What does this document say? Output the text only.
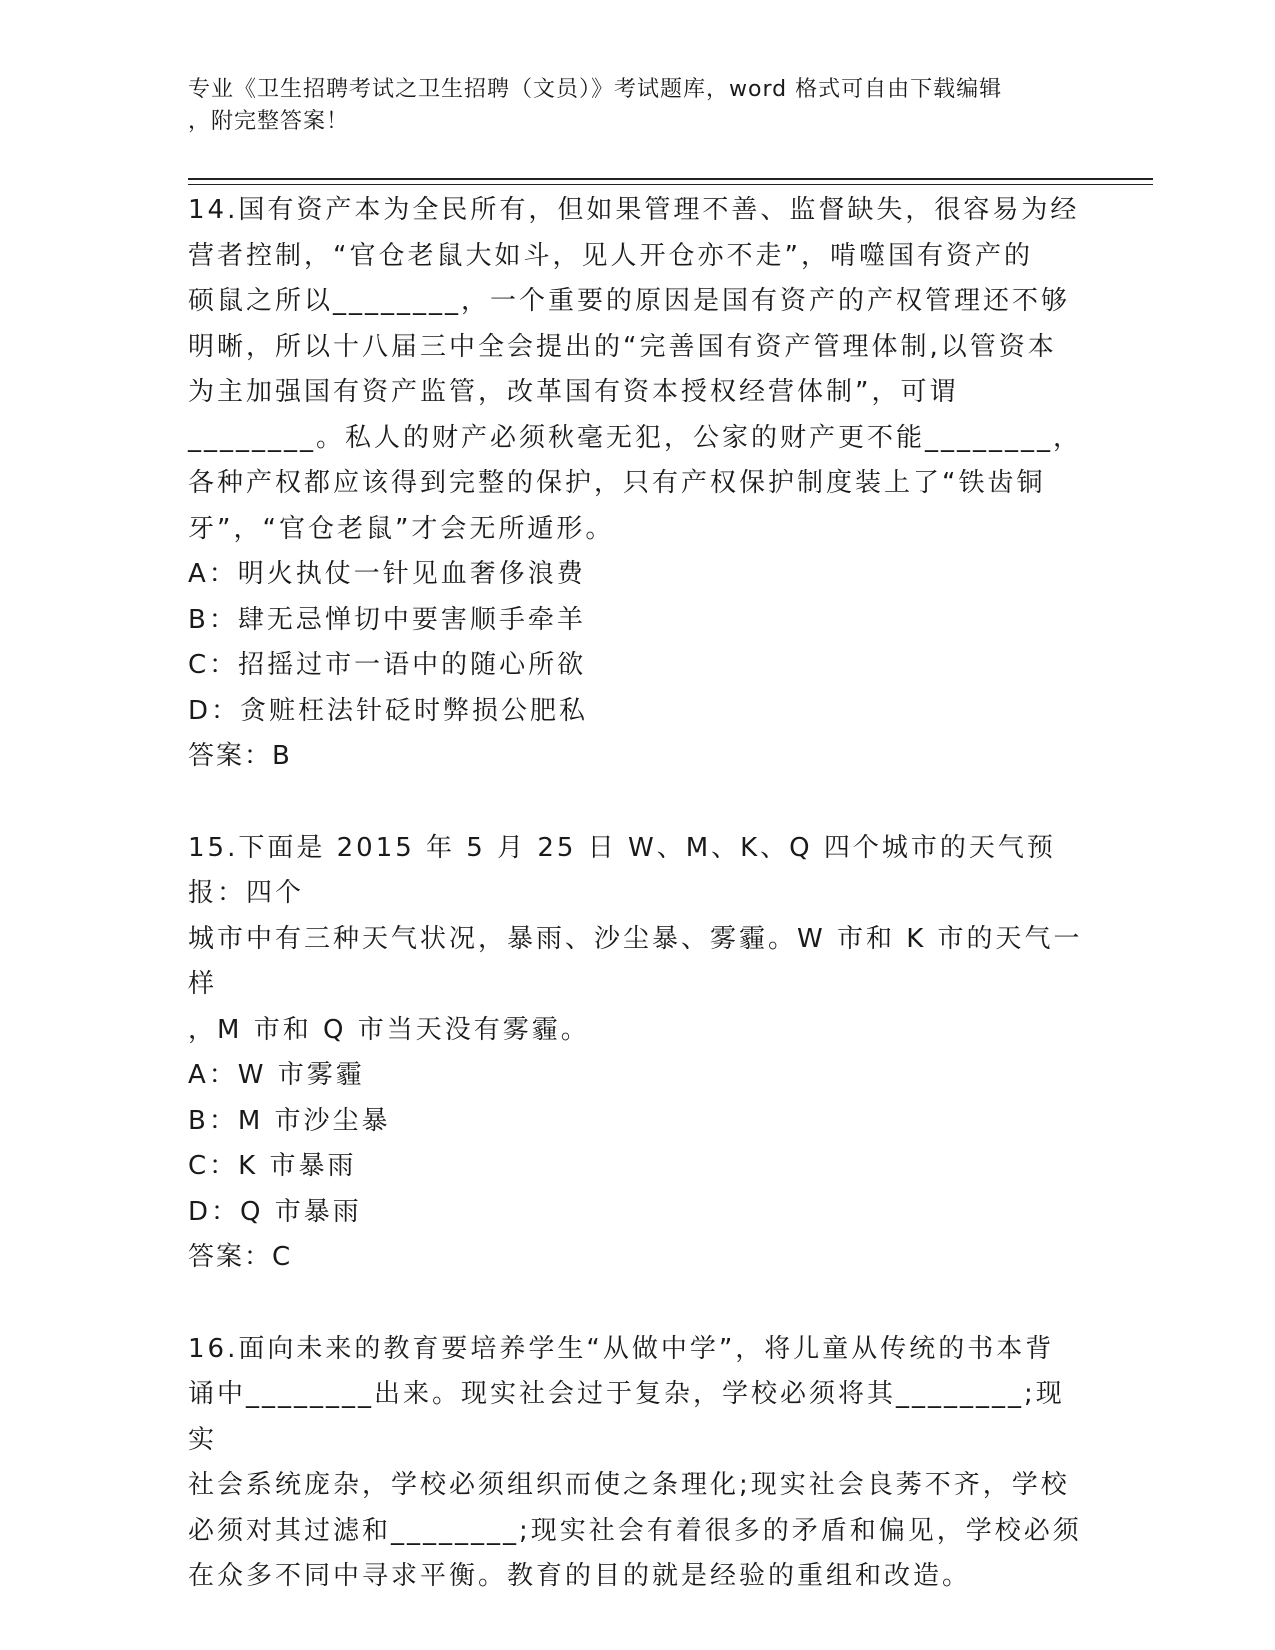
专业《卫生招聘考试之卫生招聘（文员）》考试题库，word 格式可自由下载编辑
，附完整答案！

14.国有资产本为全民所有，但如果管理不善、监督缺失，很容易为经

营者控制，“官仓老鼠大如斗，见人开仓亦不走”，啃噬国有资产的

硕鼠之所以________，一个重要的原因是国有资产的产权管理还不够

明晰，所以十八届三中全会提出的“完善国有资产管理体制,以管资本

为主加强国有资产监管，改革国有资本授权经营体制”，可谓

________。私人的财产必须秋毫无犯，公家的财产更不能________，

各种产权都应该得到完整的保护，只有产权保护制度装上了“铁齿铜

牙”，“官仓老鼠”才会无所遁形。

A：明火执仗一针见血奢侈浪费

B：肆无忌惮切中要害顺手牵羊

C：招摇过市一语中的随心所欲

D：贪赃枉法针砭时弊损公肥私

答案：B

15.下面是 2015 年 5 月 25 日 W、M、K、Q 四个城市的天气预报：四个

城市中有三种天气状况，暴雨、沙尘暴、雾霾。W 市和 K 市的天气一样

，M 市和 Q 市当天没有雾霾。

A：W 市雾霾

B：M 市沙尘暴

C：K 市暴雨

D：Q 市暴雨

答案：C

16.面向未来的教育要培养学生“从做中学”，将儿童从传统的书本背

诵中________出来。现实社会过于复杂，学校必须将其________;现实

社会系统庞杂，学校必须组织而使之条理化;现实社会良莠不齐，学校

必须对其过滤和________;现实社会有着很多的矛盾和偏见，学校必须

在众多不同中寻求平衡。教育的目的就是经验的重组和改造。
